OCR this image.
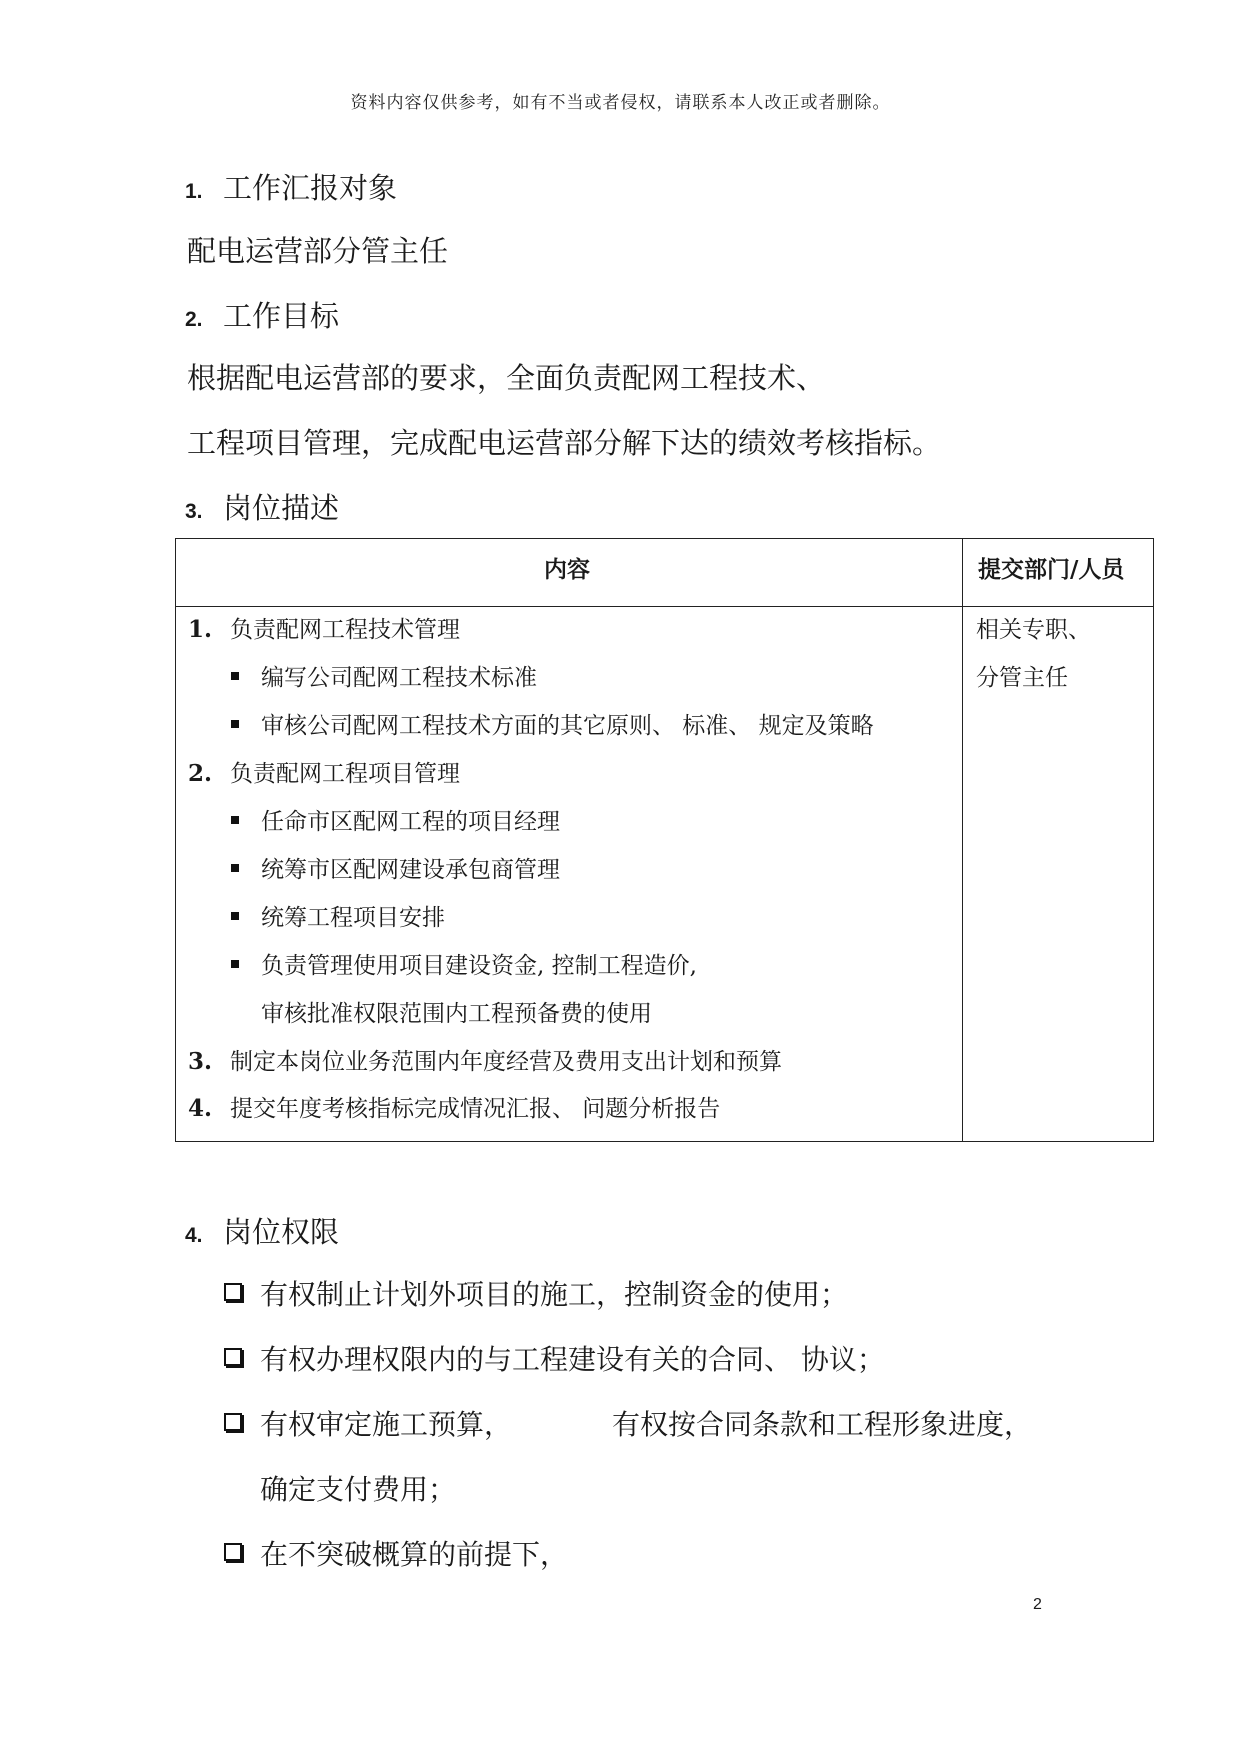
资料内容仅供参考，如有不当或者侵权，请联系本人改正或者删除。
1. 工作汇报对象
配电运营部分管主任
2. 工作目标
根据配电运营部的要求，全面负责配网工程技术、
工程项目管理，完成配电运营部分解下达的绩效考核指标。
3. 岗位描述
内容	提交部门/人员
1. 负责配网工程技术管理
编写公司配网工程技术标准
审核公司配网工程技术方面的其它原则、 标准、 规定及策略
2. 负责配网工程项目管理
任命市区配网工程的项目经理
统筹市区配网建设承包商管理
统筹工程项目安排
负责管理使用项目建设资金, 控制工程造价,
审核批准权限范围内工程预备费的使用
3. 制定本岗位业务范围内年度经营及费用支出计划和预算
4. 提交年度考核指标完成情况汇报、 问题分析报告
相关专职、
分管主任
4. 岗位权限
有权制止计划外项目的施工，控制资金的使用；
有权办理权限内的与工程建设有关的合同、 协议；
有权审定施工预算，	有权按合同条款和工程形象进度，
确定支付费用；
在不突破概算的前提下，
2
